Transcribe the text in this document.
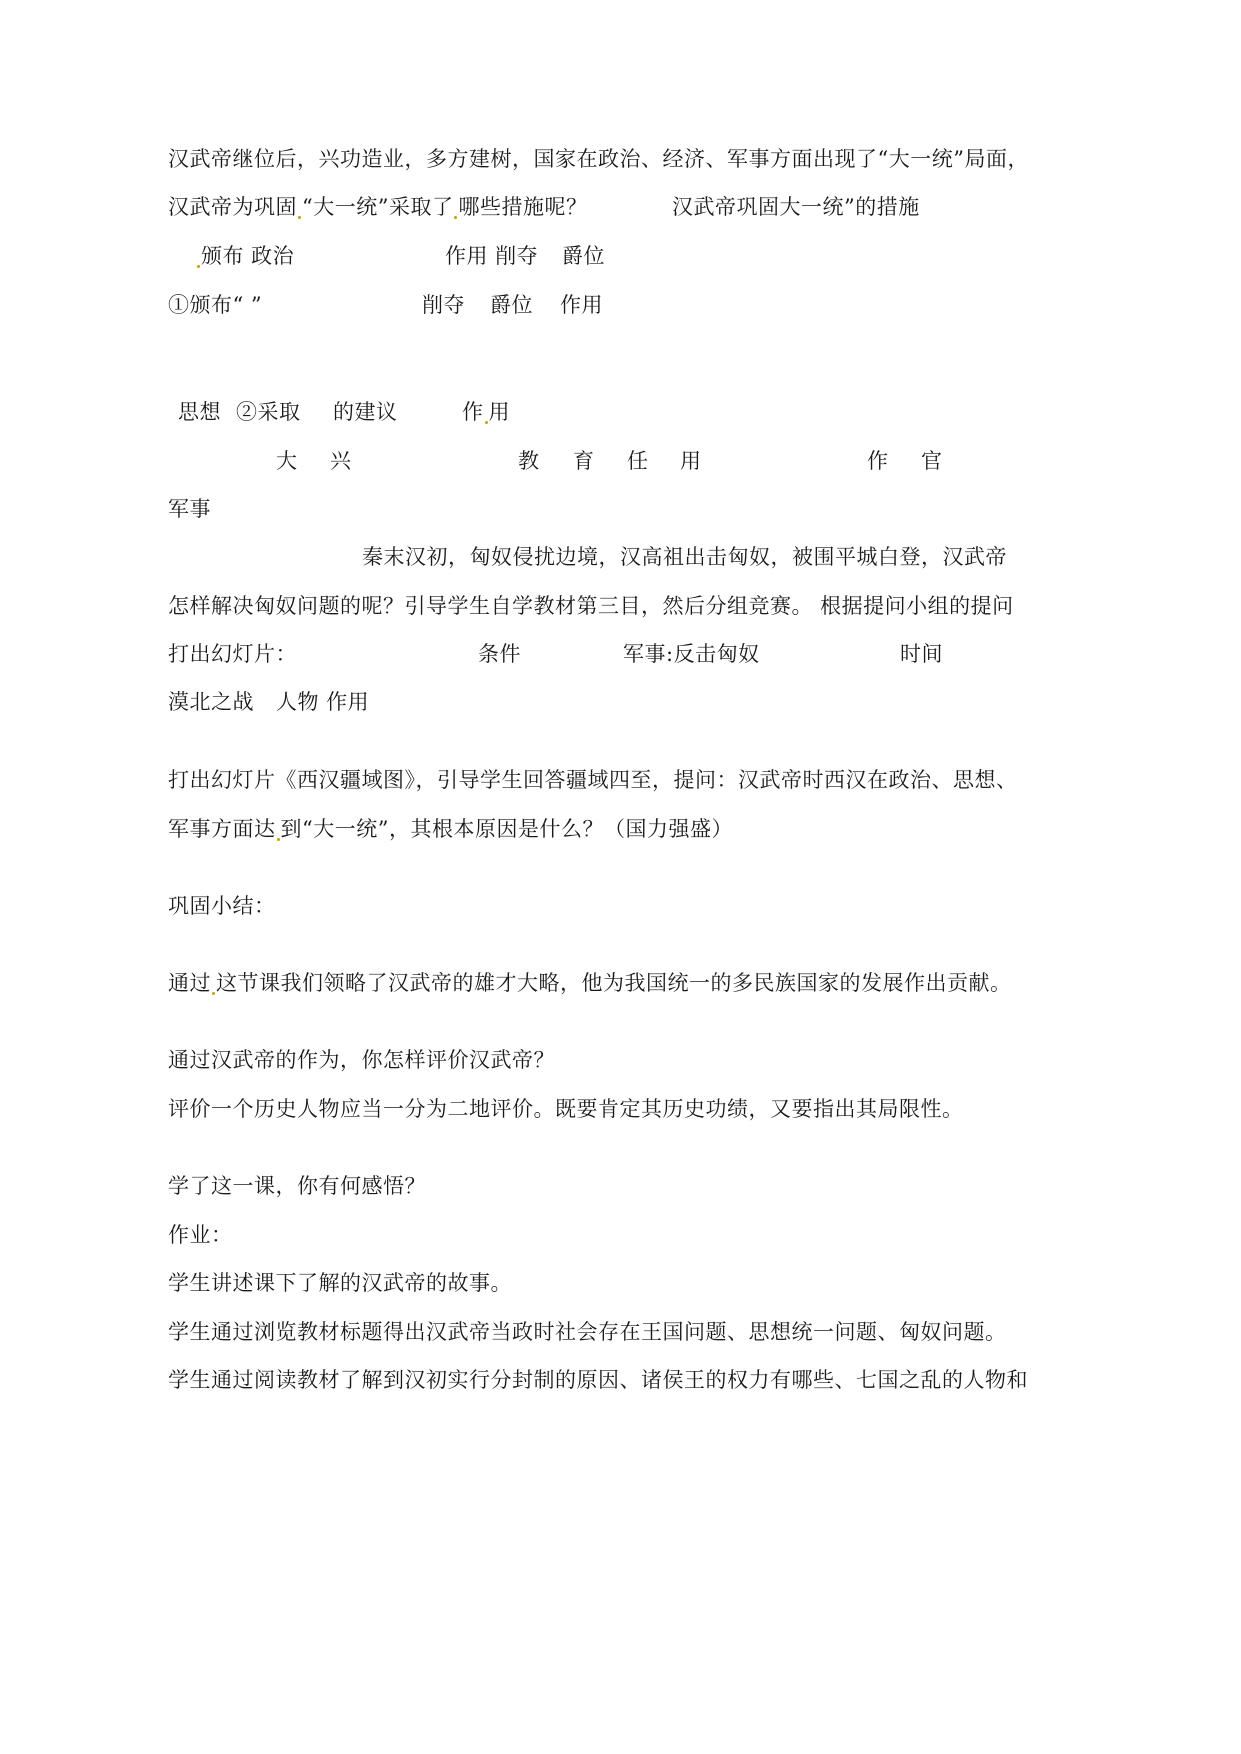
汉武帝继位后，兴功造业，多方建树，国家在政治、经济、军事方面出现了“大一统”局面，
汉武帝为巩固 “大一统”采取了 哪些措施呢？	汉武帝巩固大一统”的措施
颁布 政治	作用 削夺 爵位
①颁布“ ”	削夺 爵位 作用
思想 ②采取 的建议	作 用
大 兴	教 育 任 用	作 官
军事
秦末汉初，匈奴侵扰边境，汉高祖出击匈奴，被围平城白登，汉武帝
怎样解决匈奴问题的呢？引导学生自学教材第三目，然后分组竞赛。 根据提问小组的提问
打出幻灯片：	条件	军事:反击匈奴	时间
漠北之战 人物 作用
打出幻灯片《西汉疆域图》，引导学生回答疆域四至，提问：汉武帝时西汉在政治、思想、
军事方面达 到“大一统”，其根本原因是什么？（国力强盛）
巩固小结：
通过 这节课我们领略了汉武帝的雄才大略，他为我国统一的多民族国家的发展作出贡献。
通过汉武帝的作为，你怎样评价汉武帝？
评价一个历史人物应当一分为二地评价。既要肯定其历史功绩，又要指出其局限性。
学了这一课，你有何感悟？
作业：
学生讲述课下了解的汉武帝的故事。
学生通过浏览教材标题得出汉武帝当政时社会存在王国问题、思想统一问题、匈奴问题。
学生通过阅读教材了解到汉初实行分封制的原因、诸侯王的权力有哪些、七国之乱的人物和
